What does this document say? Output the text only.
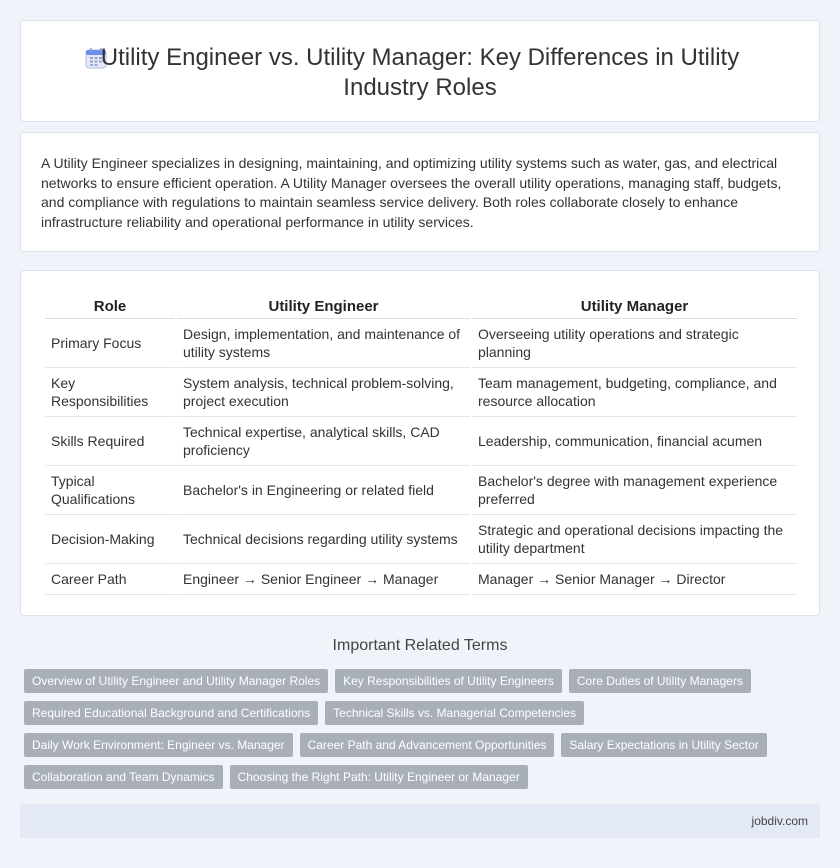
Utility Engineer vs. Utility Manager: Key Differences in Utility Industry Roles

A Utility Engineer specializes in designing, maintaining, and optimizing utility systems such as water, gas, and electrical networks to ensure efficient operation. A Utility Manager oversees the overall utility operations, managing staff, budgets, and compliance with regulations to maintain seamless service delivery. Both roles collaborate closely to enhance infrastructure reliability and operational performance in utility services.

Role	Utility Engineer	Utility Manager
Primary Focus	Design, implementation, and maintenance of utility systems	Overseeing utility operations and strategic planning
Key Responsibilities	System analysis, technical problem-solving, project execution	Team management, budgeting, compliance, and resource allocation
Skills Required	Technical expertise, analytical skills, CAD proficiency	Leadership, communication, financial acumen
Typical Qualifications	Bachelor's in Engineering or related field	Bachelor's degree with management experience preferred
Decision-Making	Technical decisions regarding utility systems	Strategic and operational decisions impacting the utility department
Career Path	Engineer → Senior Engineer → Manager	Manager → Senior Manager → Director
Important Related Terms
Overview of Utility Engineer and Utility Manager Roles	Key Responsibilities of Utility Engineers	Core Duties of Utility Managers
Required Educational Background and Certifications	Technical Skills vs. Managerial Competencies
Daily Work Environment: Engineer vs. Manager	Career Path and Advancement Opportunities	Salary Expectations in Utility Sector
Collaboration and Team Dynamics	Choosing the Right Path: Utility Engineer or Manager
jobdiv.com
